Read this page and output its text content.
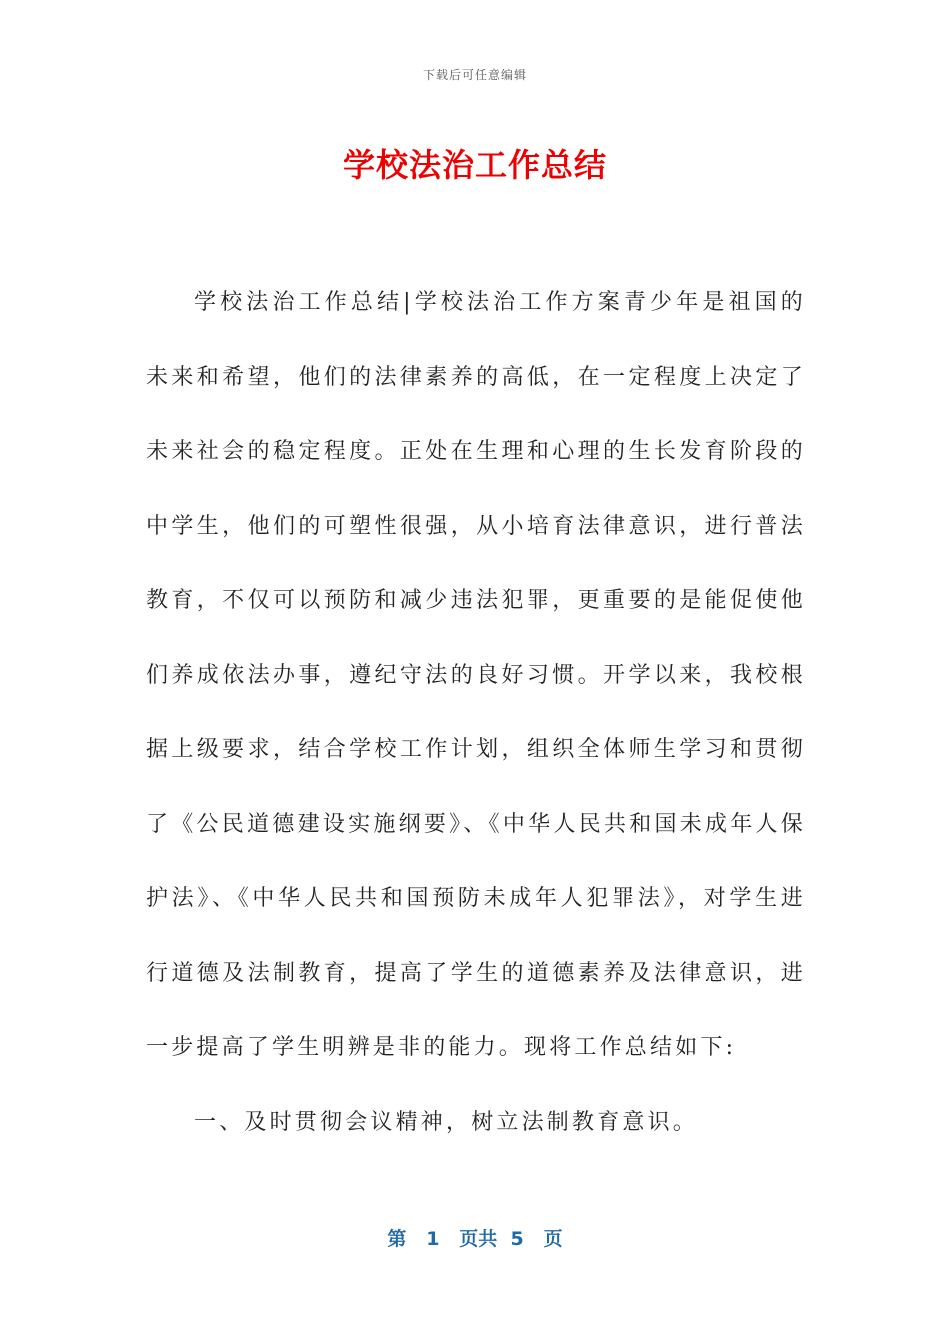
下载后可任意编辑
学校法治工作总结

学校法治工作总结|学校法治工作方案青少年是祖国的未来和希望，他们的法律素养的高低，在一定程度上决定了未来社会的稳定程度。正处在生理和心理的生长发育阶段的中学生，他们的可塑性很强，从小培育法律意识，进行普法教育，不仅可以预防和减少违法犯罪，更重要的是能促使他们养成依法办事，遵纪守法的良好习惯。开学以来，我校根据上级要求，结合学校工作计划，组织全体师生学习和贯彻了《公民道德建设实施纲要》、《中华人民共和国未成年人保护法》、《中华人民共和国预防未成年人犯罪法》，对学生进行道德及法制教育，提高了学生的道德素养及法律意识，进一步提高了学生明辨是非的能力。现将工作总结如下:

一、及时贯彻会议精神，树立法制教育意识。

第 1 页共 5 页
